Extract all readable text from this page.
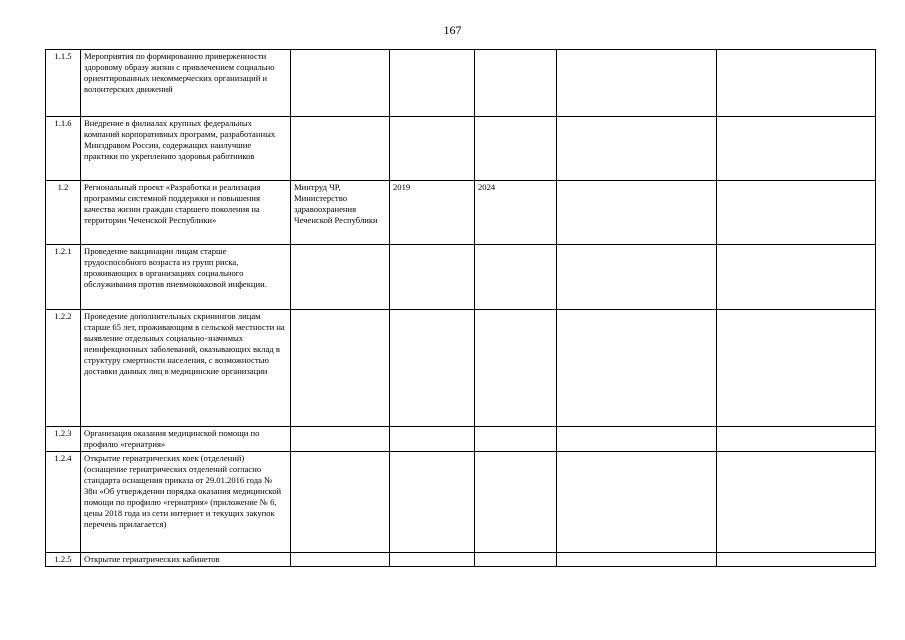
167
1.1.5	Мероприятия по формированию приверженности здоровому образу жизни с привлечением социально ориентированных некоммерческих организаций и волонтерских движений					
1.1.6	Внедрение в филиалах крупных федеральных компаний корпоративных программ, разработанных Минздравом России, содержащих наилучшие практики по укреплению здоровья работников					
1.2	Региональный проект «Разработка и реализация программы системной поддержки и повышения качества жизни граждан старшего поколения на территории Чеченской Республики»	Минтруд ЧР, Министерство здравоохранения Чеченской Республики	2019	2024		
1.2.1	Проведение вакцинации лицам старше трудоспособного возраста из групп риска, проживающих в организациях социального обслуживания против пневмококковой инфекции.					
1.2.2	Проведение дополнительных скринингов лицам старше 65 лет, проживающим в сельской местности на выявление отдельных социально-значимых неинфекционных заболеваний, оказывающих вклад в структуру смертности населения, с возможностью доставки данных лиц в медицинские организации					
1.2.3	Организация оказания медицинской помощи по профилю «гериатрия»					
1.2.4	Открытие гериатрических коек (отделений) (оснащение гериатрических отделений согласно стандарта оснащения приказа от 29.01.2016 года № 38н «Об утверждении порядка оказания медицинской помощи по профилю «гериатрия» (приложение № 6, цены 2018 года из сети интернет и текущих закупок перечень прилагается)					
1.2.5	Открытие гериатрических кабинетов					
